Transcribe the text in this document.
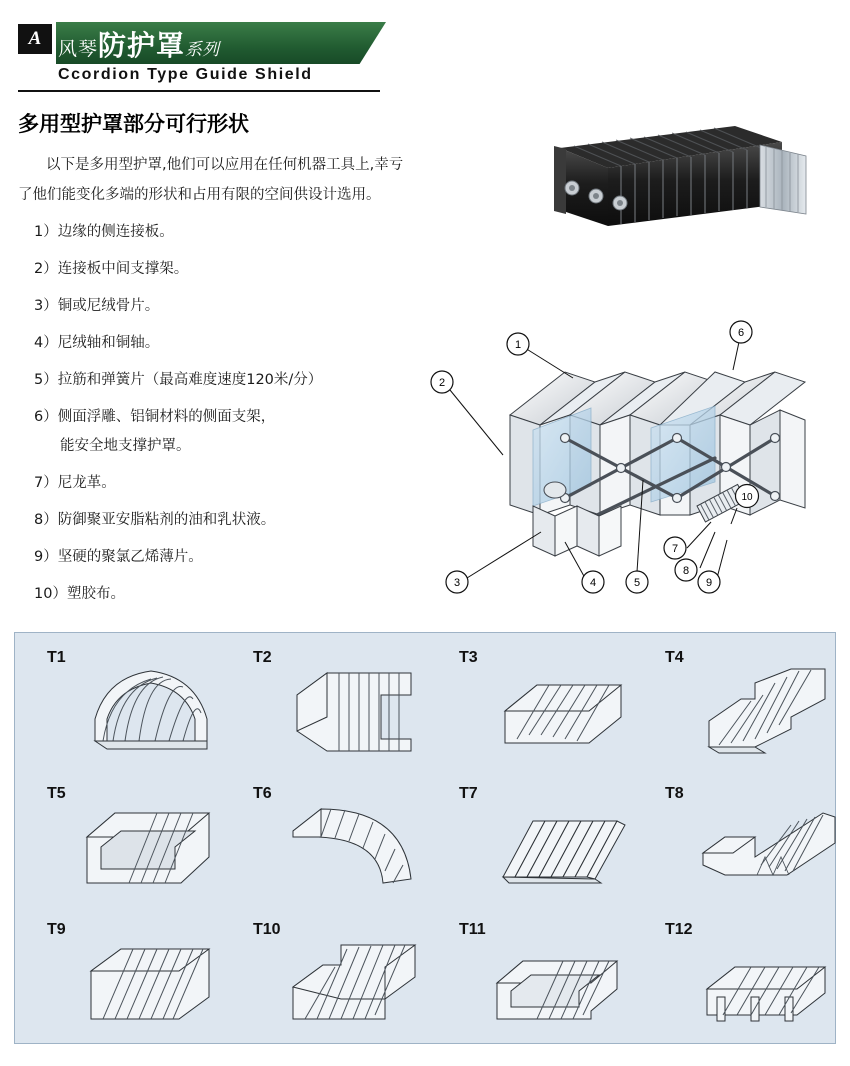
A 风琴防护罩系列
Ccordion Type Guide Shield
多用型护罩部分可行形状
以下是多用型护罩,他们可以应用在任何机器工具上,幸亏了他们能变化多端的形状和占用有限的空间供设计选用。
1）边缘的侧连接板。
2）连接板中间支撑架。
3）铜或尼绒骨片。
4）尼绒轴和铜轴。
5）拉筋和弹簧片（最高难度速度120米/分）
6）侧面浮雕、铝铜材料的侧面支架，
能安全地支撑护罩。
7）尼龙革。
8）防御聚亚安脂粘剂的油和乳状液。
9）坚硬的聚氯乙烯薄片。
10）塑胶布。
1
2
3	4	5
6
7
8
9
10
T1	T2	T3	T4
T5	T6	T7	T8
T9	T10	T11	T12
